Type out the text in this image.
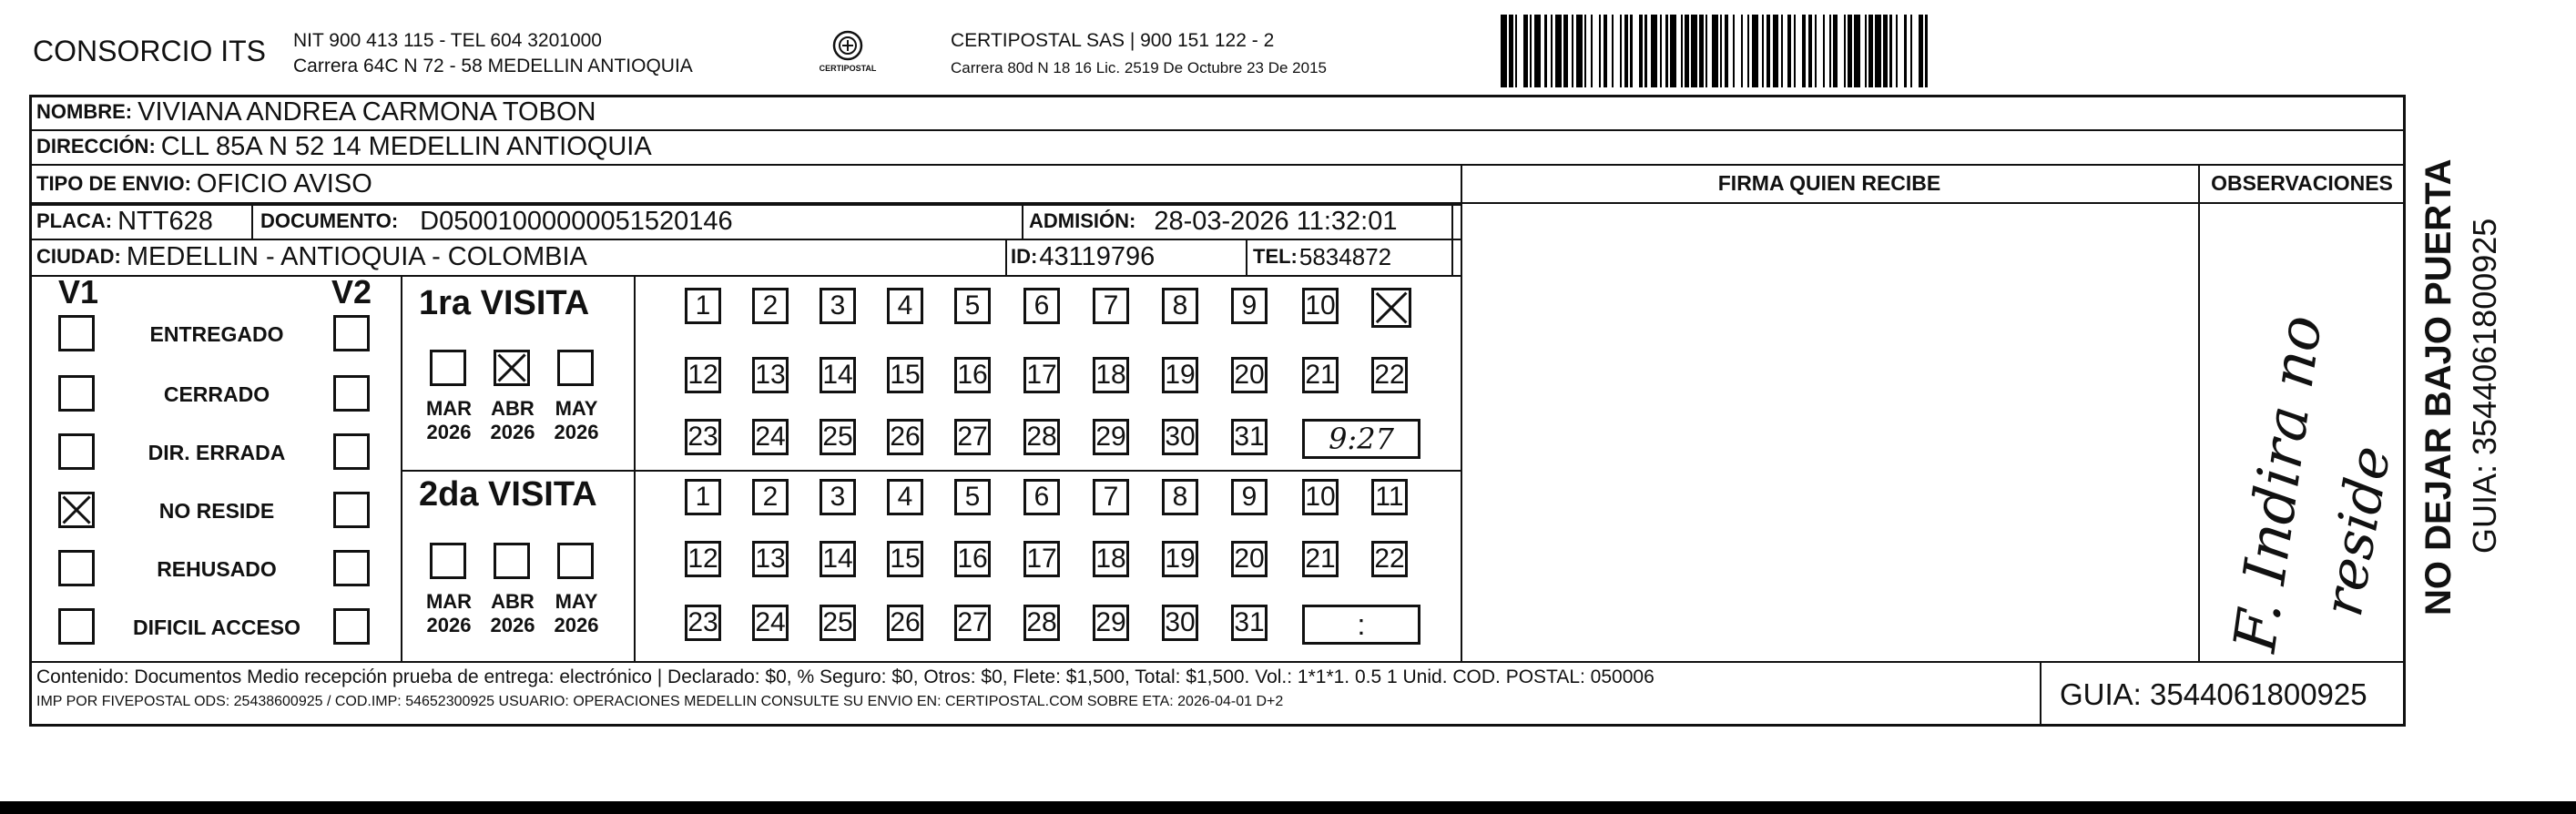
CONSORCIO ITS NIT 900 413 115 - TEL 604 3201000
Carrera 64C N 72 - 58 MEDELLIN ANTIOQUIA	CERTIPOSTAL
CERTIPOSTAL SAS | 900 151 122 - 2
Carrera 80d N 18 16 Lic. 2519 De Octubre 23 De 2015
NOMBRE: VIVIANA ANDREA CARMONA TOBON
DIRECCIÓN: CLL 85A N 52 14 MEDELLIN ANTIOQUIA
TIPO DE ENVIO: OFICIO AVISO
PLACA: NTT628 DOCUMENTO: D05001000000051520146	ADMISIÓN: 28-03-2026 11:32:01
CIUDAD: MEDELLIN - ANTIOQUIA - COLOMBIA	ID: 43119796	TEL: 5834872
FIRMA QUIEN RECIBE	OBSERVACIONES
V1	V2 1ra VISITA
2da VISITA	F. Indira no
reside NO DEJAR BAJO PUERTA GUIA: 3544061800925
Contenido: Documentos Medio recepción prueba de entrega: electrónico | Declarado: $0, % Seguro: $0, Otros: $0, Flete: $1,500, Total: $1,500. Vol.: 1*1*1. 0.5 1 Unid. COD. POSTAL: 050006
IMP POR FIVEPOSTAL ODS: 25438600925 / COD.IMP: 54652300925 USUARIO: OPERACIONES MEDELLIN CONSULTE SU ENVIO EN: CERTIPOSTAL.COM SOBRE ETA: 2026-04-01 D+2	GUIA: 3544061800925
ENTREGADO
CERRADO
DIR. ERRADA
NO RESIDE
REHUSADO
DIFICIL ACCESO
MAR
2026
ABR
2026
MAY
2026
MAR
2026
ABR
2026
MAY
2026
1	2	3	4	5	6	7	8	9	10
12 13 14 15 16 17 18 19 20 21 22
23 24 25 26 27 28 29 30 31	9:27
1	2	3	4	5	6	7	8	9	10 11
12 13 14 15 16 17 18 19 20 21 22
23 24 25 26 27 28 29 30 31	:
